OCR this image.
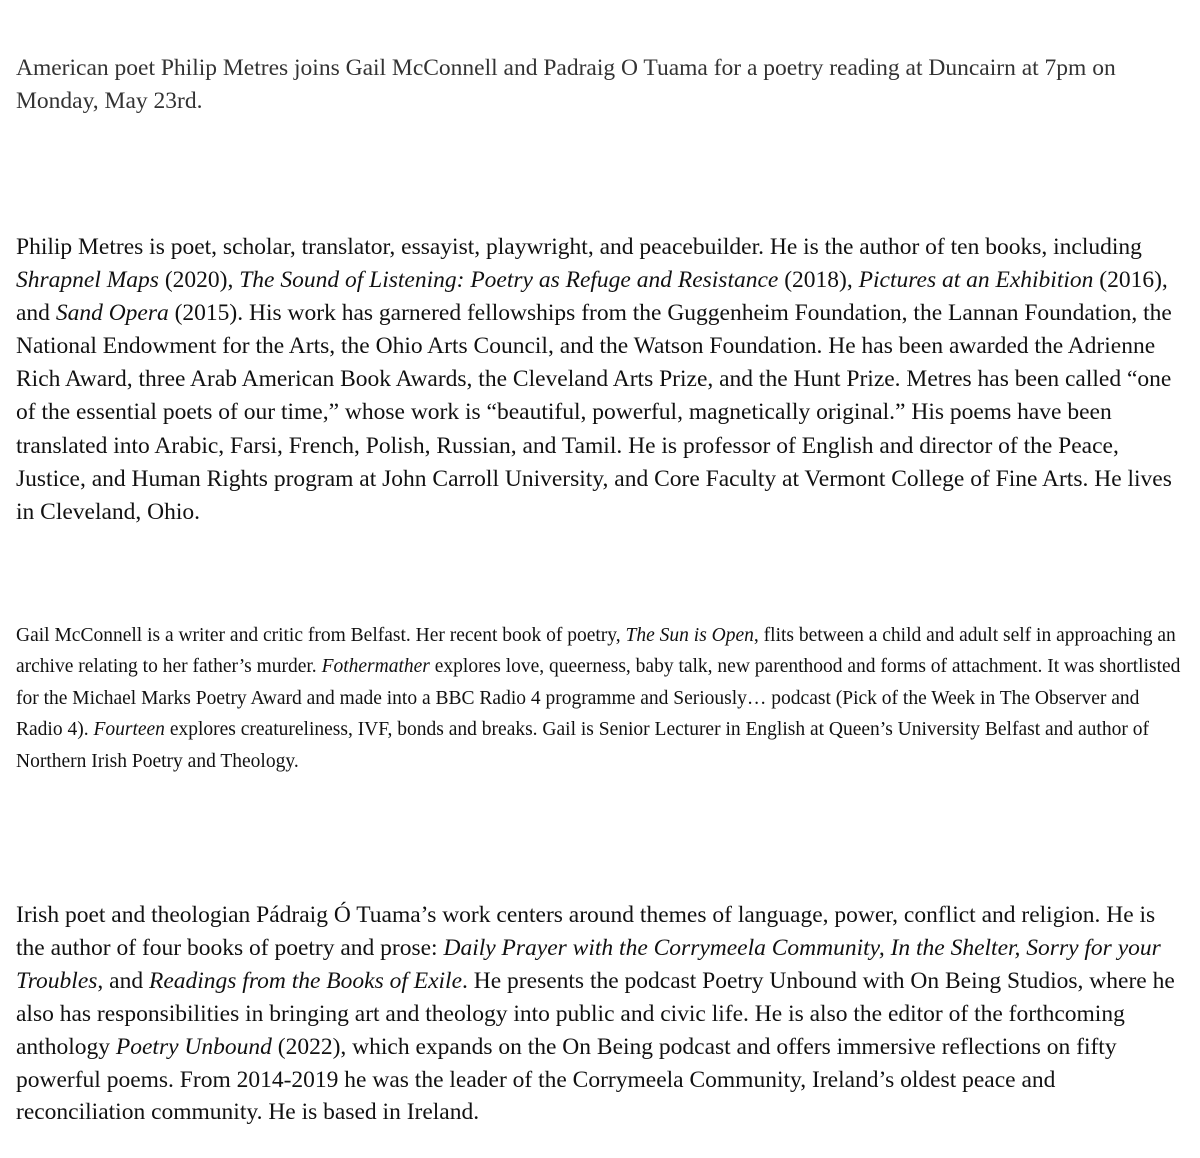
American poet Philip Metres joins Gail McConnell and Padraig O Tuama for a poetry reading at Duncairn at 7pm on Monday, May 23rd.

Philip Metres is poet, scholar, translator, essayist, playwright, and peacebuilder. He is the author of ten books, including Shrapnel Maps (2020), The Sound of Listening: Poetry as Refuge and Resistance (2018), Pictures at an Exhibition (2016), and Sand Opera (2015). His work has garnered fellowships from the Guggenheim Foundation, the Lannan Foundation, the National Endowment for the Arts, the Ohio Arts Council, and the Watson Foundation. He has been awarded the Adrienne Rich Award, three Arab American Book Awards, the Cleveland Arts Prize, and the Hunt Prize. Metres has been called “one of the essential poets of our time,” whose work is “beautiful, powerful, magnetically original.” His poems have been translated into Arabic, Farsi, French, Polish, Russian, and Tamil. He is professor of English and director of the Peace, Justice, and Human Rights program at John Carroll University, and Core Faculty at Vermont College of Fine Arts. He lives in Cleveland, Ohio.

Gail McConnell is a writer and critic from Belfast. Her recent book of poetry, The Sun is Open, flits between a child and adult self in approaching an archive relating to her father’s murder. Fothermather explores love, queerness, baby talk, new parenthood and forms of attachment. It was shortlisted for the Michael Marks Poetry Award and made into a BBC Radio 4 programme and Seriously… podcast (Pick of the Week in The Observer and Radio 4). Fourteen explores creatureliness, IVF, bonds and breaks. Gail is Senior Lecturer in English at Queen’s University Belfast and author of Northern Irish Poetry and Theology.

Irish poet and theologian Pádraig Ó Tuama’s work centers around themes of language, power, conflict and religion. He is the author of four books of poetry and prose: Daily Prayer with the Corrymeela Community, In the Shelter, Sorry for your Troubles, and Readings from the Books of Exile. He presents the podcast Poetry Unbound with On Being Studios, where he also has responsibilities in bringing art and theology into public and civic life. He is also the editor of the forthcoming anthology Poetry Unbound (2022), which expands on the On Being podcast and offers immersive reflections on fifty powerful poems. From 2014-2019 he was the leader of the Corrymeela Community, Ireland’s oldest peace and reconciliation community. He is based in Ireland.
